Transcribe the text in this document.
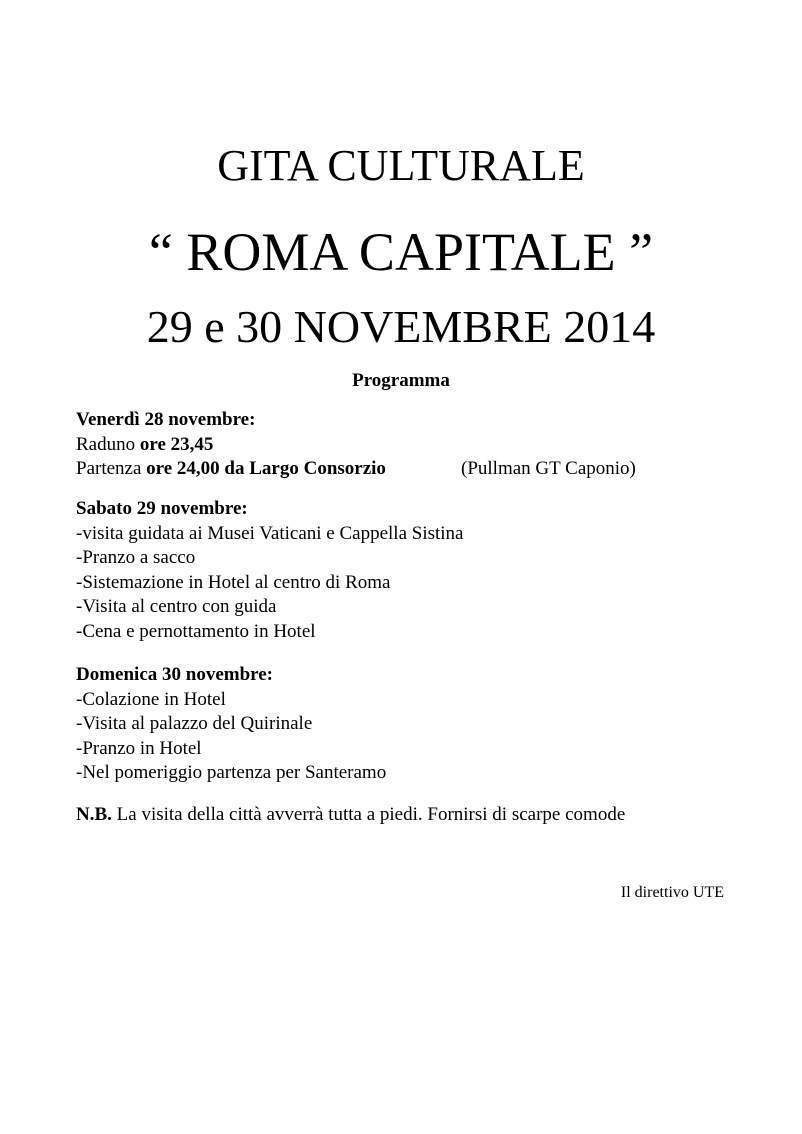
GITA CULTURALE
“ ROMA CAPITALE ”
29 e 30 NOVEMBRE 2014
Programma
Venerdì 28 novembre:
Raduno ore 23,45
Partenza ore 24,00 da Largo Consorzio	(Pullman GT Caponio)
Sabato 29 novembre:
-visita guidata ai Musei Vaticani e Cappella Sistina
-Pranzo a sacco
-Sistemazione in Hotel al centro di Roma
-Visita al centro con guida
-Cena e pernottamento in Hotel
Domenica 30 novembre:
-Colazione in Hotel
-Visita al palazzo del Quirinale
-Pranzo in Hotel
-Nel pomeriggio partenza per Santeramo
N.B. La visita della città avverrà tutta a piedi. Fornirsi di scarpe comode
Il direttivo UTE
